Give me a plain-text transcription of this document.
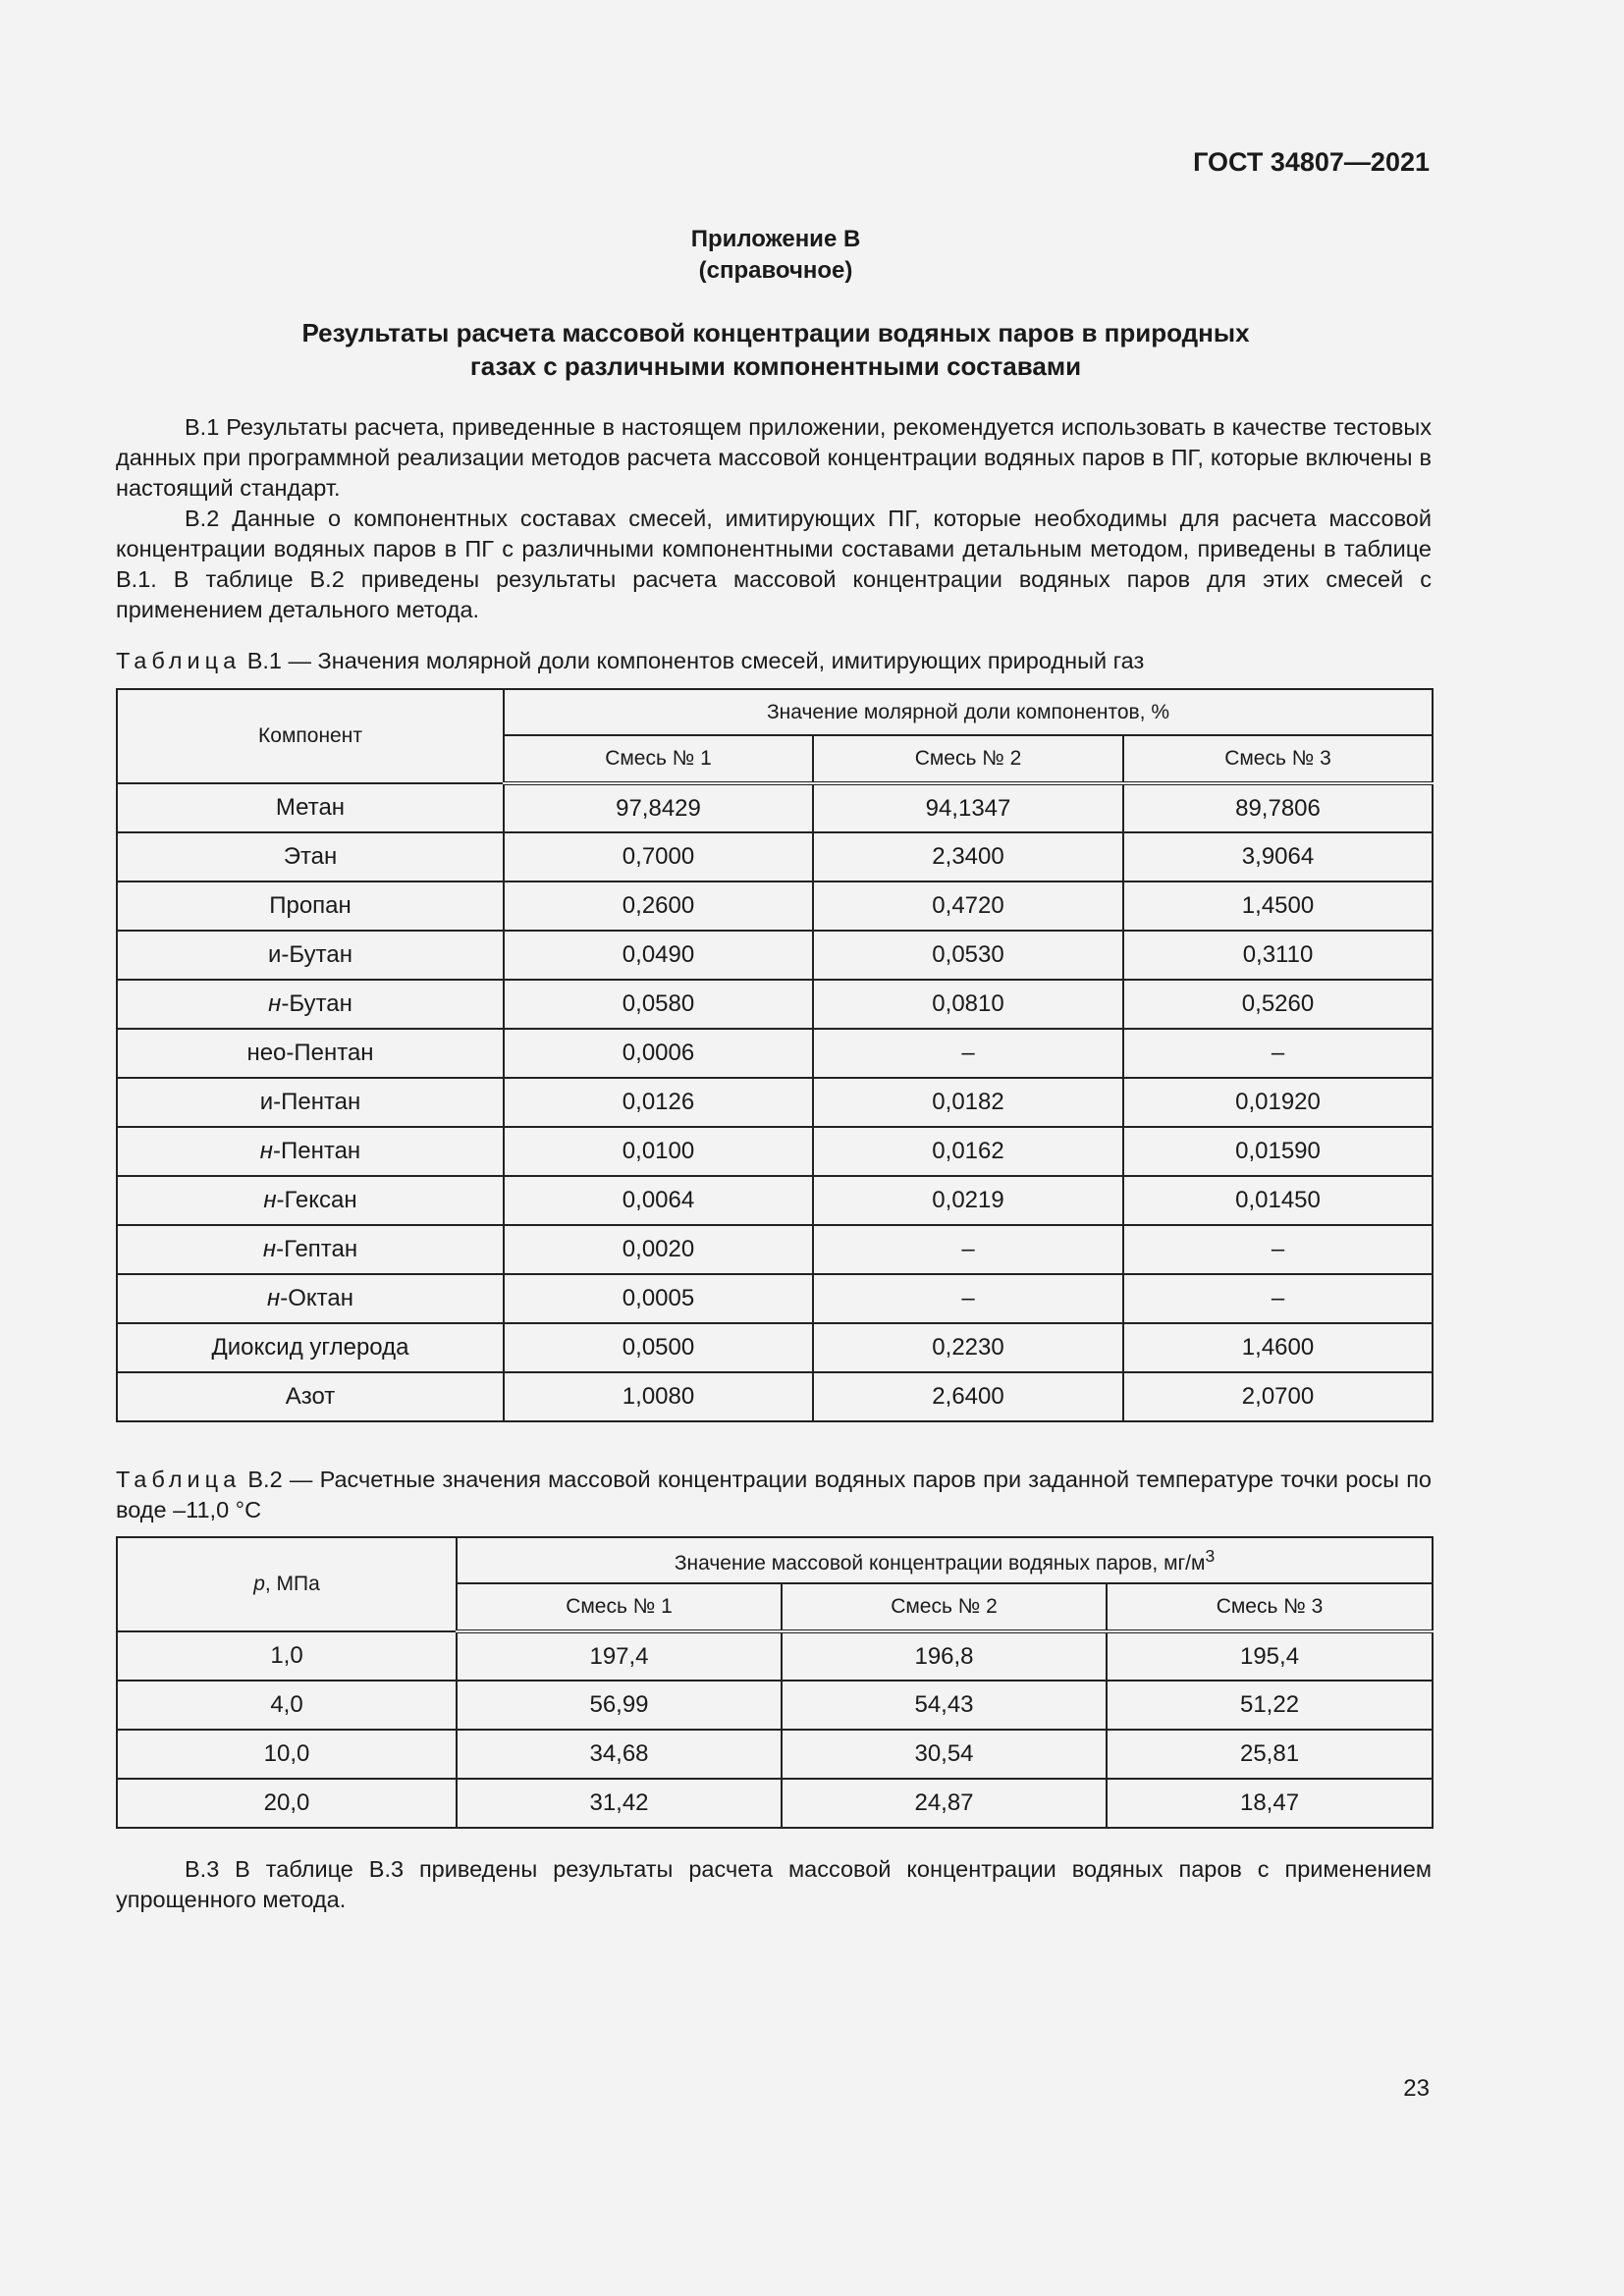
ГОСТ 34807—2021
Приложение В
(справочное)
Результаты расчета массовой концентрации водяных паров в природных
газах с различными компонентными составами

В.1 Результаты расчета, приведенные в настоящем приложении, рекомендуется использовать в качестве тестовых данных при программной реализации методов расчета массовой концентрации водяных паров в ПГ, которые включены в настоящий стандарт.

В.2 Данные о компонентных составах смесей, имитирующих ПГ, которые необходимы для расчета массовой концентрации водяных паров в ПГ с различными компонентными составами детальным методом, приведены в таблице В.1. В таблице В.2 приведены результаты расчета массовой концентрации водяных паров для этих смесей с применением детального метода.

Таблица В.1 — Значения молярной доли компонентов смесей, имитирующих природный газ

Компонент	Значение молярной доли компонентов, %		
	Смесь № 1	Смесь № 2	Смесь № 3
Метан	97,8429	94,1347	89,7806
Этан	0,7000	2,3400	3,9064
Пропан	0,2600	0,4720	1,4500
и-Бутан	0,0490	0,0530	0,3110
н-Бутан	0,0580	0,0810	0,5260
нео-Пентан	0,0006	–	–
и-Пентан	0,0126	0,0182	0,01920
н-Пентан	0,0100	0,0162	0,01590
н-Гексан	0,0064	0,0219	0,01450
н-Гептан	0,0020	–	–
н-Октан	0,0005	–	–
Диоксид углерода	0,0500	0,2230	1,4600
Азот	1,0080	2,6400	2,0700

Таблица В.2 — Расчетные значения массовой концентрации водяных паров при заданной температуре точки росы по воде –11,0 °С

p, МПа	Значение массовой концентрации водяных паров, $мг/м^3$
	Смесь № 1	Смесь № 2	Смесь № 3
1,0	197,4	196,8	195,4
4,0	56,99	54,43	51,22
10,0	34,68	30,54	25,81
20,0	31,42	24,87	18,47

В.3 В таблице В.3 приведены результаты расчета массовой концентрации водяных паров с применением упрощенного метода.

23
